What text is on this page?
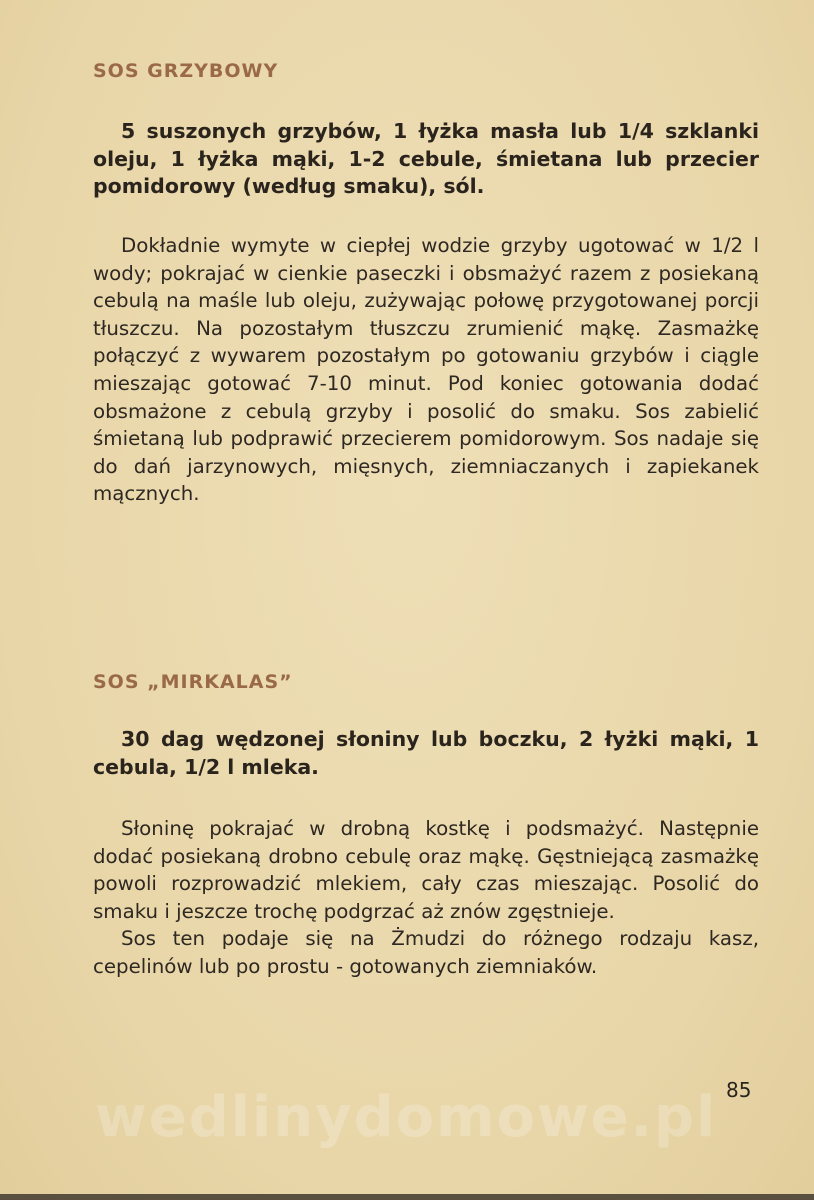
SOS GRZYBOWY

5 suszonych grzybów, 1 łyżka masła lub 1/4 szklanki oleju, 1 łyżka mąki, 1-2 cebule, śmietana lub przecier pomidorowy (według smaku), sól.

Dokładnie wymyte w ciepłej wodzie grzyby ugotować w 1/2 l wody; pokrajać w cienkie paseczki i obsmażyć razem z posiekaną cebulą na maśle lub oleju, zużywając połowę przygotowanej porcji tłuszczu. Na pozostałym tłuszczu zrumienić mąkę. Zasmażkę połączyć z wywarem pozostałym po gotowaniu grzybów i ciągle mieszając gotować 7-10 minut. Pod koniec gotowania dodać obsmażone z cebulą grzyby i posolić do smaku. Sos zabielić śmietaną lub podprawić przecierem pomidorowym. Sos nadaje się do dań jarzynowych, mięsnych, ziemniaczanych i zapiekanek mącznych.

SOS „MIRKALAS”

30 dag wędzonej słoniny lub boczku, 2 łyżki mąki, 1 cebula, 1/2 l mleka.

Słoninę pokrajać w drobną kostkę i podsmażyć. Następnie dodać posiekaną drobno cebulę oraz mąkę. Gęstniejącą zasmażkę powoli rozprowadzić mlekiem, cały czas mieszając. Posolić do smaku i jeszcze trochę podgrzać aż znów zgęstnieje.

Sos ten podaje się na Żmudzi do różnego rodzaju kasz, cepelinów lub po prostu - gotowanych ziemniaków.

wedlinydomowe.pl 85
